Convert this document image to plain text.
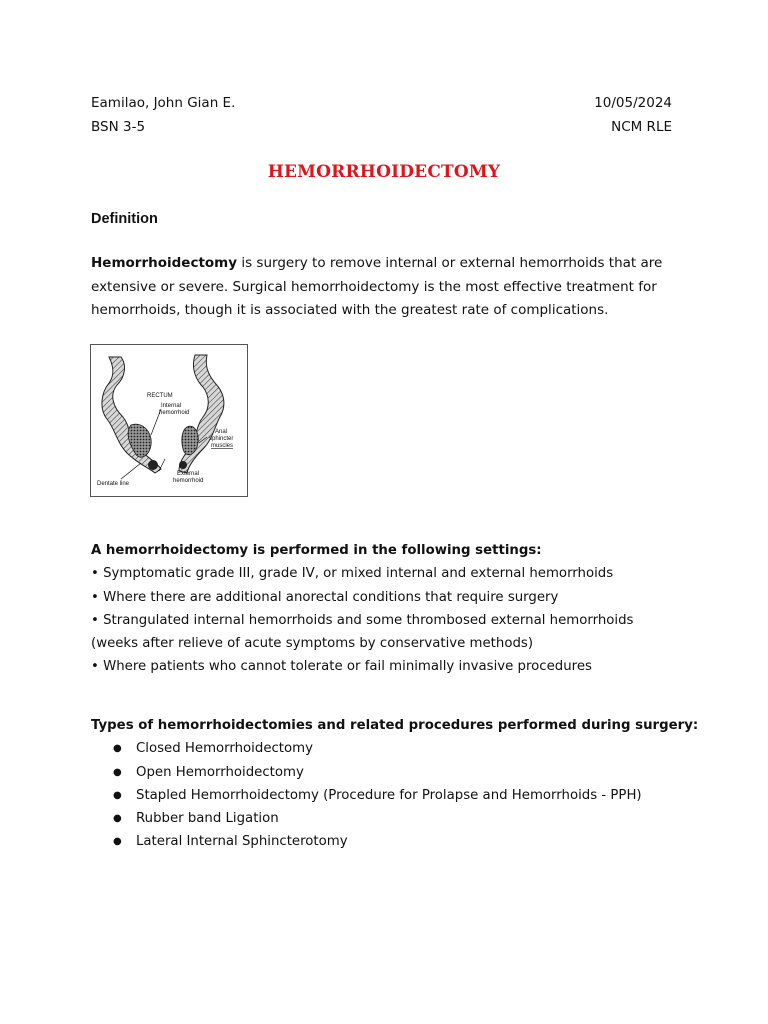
Eamilao, John Gian E.
BSN 3-5
10/05/2024
NCM RLE
HEMORRHOIDECTOMY
Definition
Hemorrhoidectomy is surgery to remove internal or external hemorrhoids that are extensive or severe. Surgical hemorrhoidectomy is the most effective treatment for hemorrhoids, though it is associated with the greatest rate of complications.
RECTUM
Internal
hemorrhoid
Anal
sphincter
muscles
External
hemorrhoid
Dentate line
A hemorrhoidectomy is performed in the following settings:
• Symptomatic grade III, grade IV, or mixed internal and external hemorrhoids
• Where there are additional anorectal conditions that require surgery
• Strangulated internal hemorrhoids and some thrombosed external hemorrhoids
(weeks after relieve of acute symptoms by conservative methods)
• Where patients who cannot tolerate or fail minimally invasive procedures
Types of hemorrhoidectomies and related procedures performed during surgery:
● Closed Hemorrhoidectomy
● Open Hemorrhoidectomy
● Stapled Hemorrhoidectomy (Procedure for Prolapse and Hemorrhoids - PPH)
● Rubber band Ligation
● Lateral Internal Sphincterotomy
